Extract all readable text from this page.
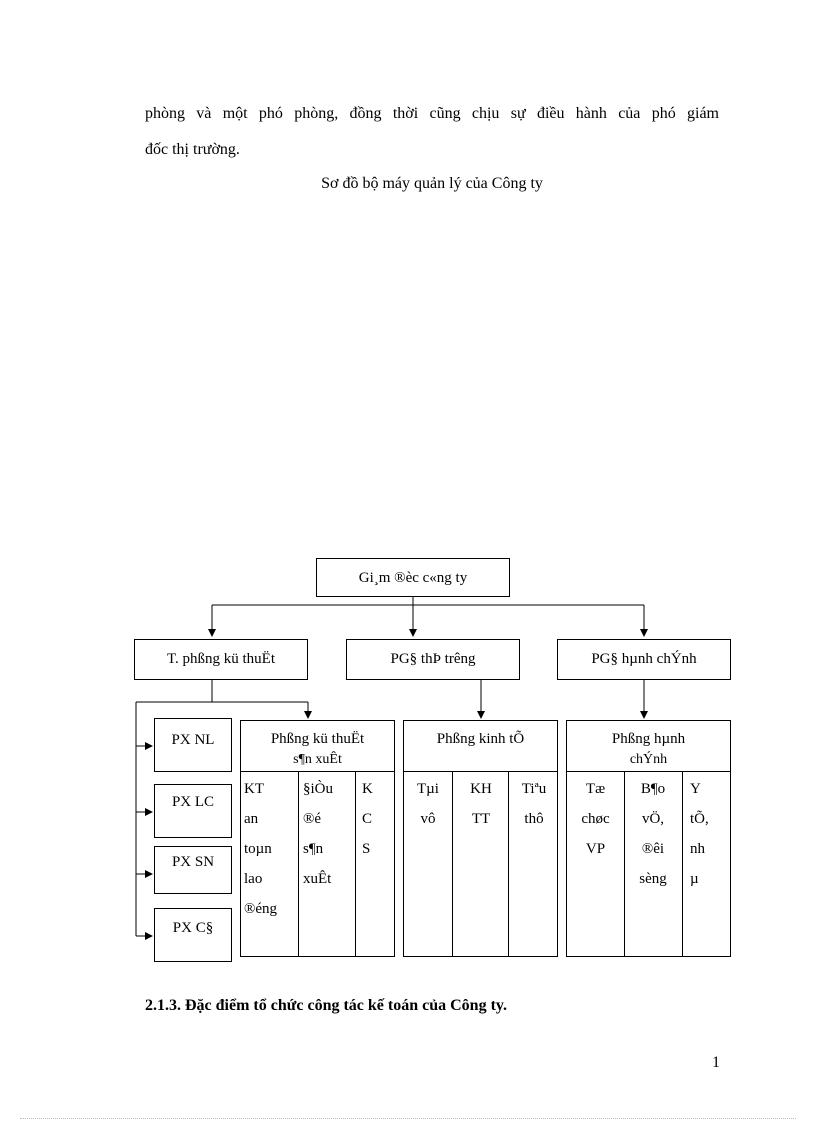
phòng và một phó phòng, đồng thời cũng chịu sự điều hành của phó giám
đốc thị trường.
Sơ đồ bộ máy quản lý của Công ty
Gi¸m ®èc c«ng ty
T. phßng kü thuËt	PG§ thÞ trêng	PG§ hµnh chÝnh
PX NL
PX LC
PX SN
PX C§
Phßng kü thuËt
s¶n xuÊt
KT
an
toµn
lao
®éng
§iÒu
®é
s¶n
xuÊt
K
C
S
Phßng kinh tÕ
Tµi
vô
KH
TT
Tiªu
thô
Phßng hµnh
chÝnh
Tæ
chøc
VP
B¶o
vÖ,
®êi
sèng
Y
tÕ,
nh
µ
2.1.3. Đặc điểm tổ chức công tác kế toán của Công ty.
1
